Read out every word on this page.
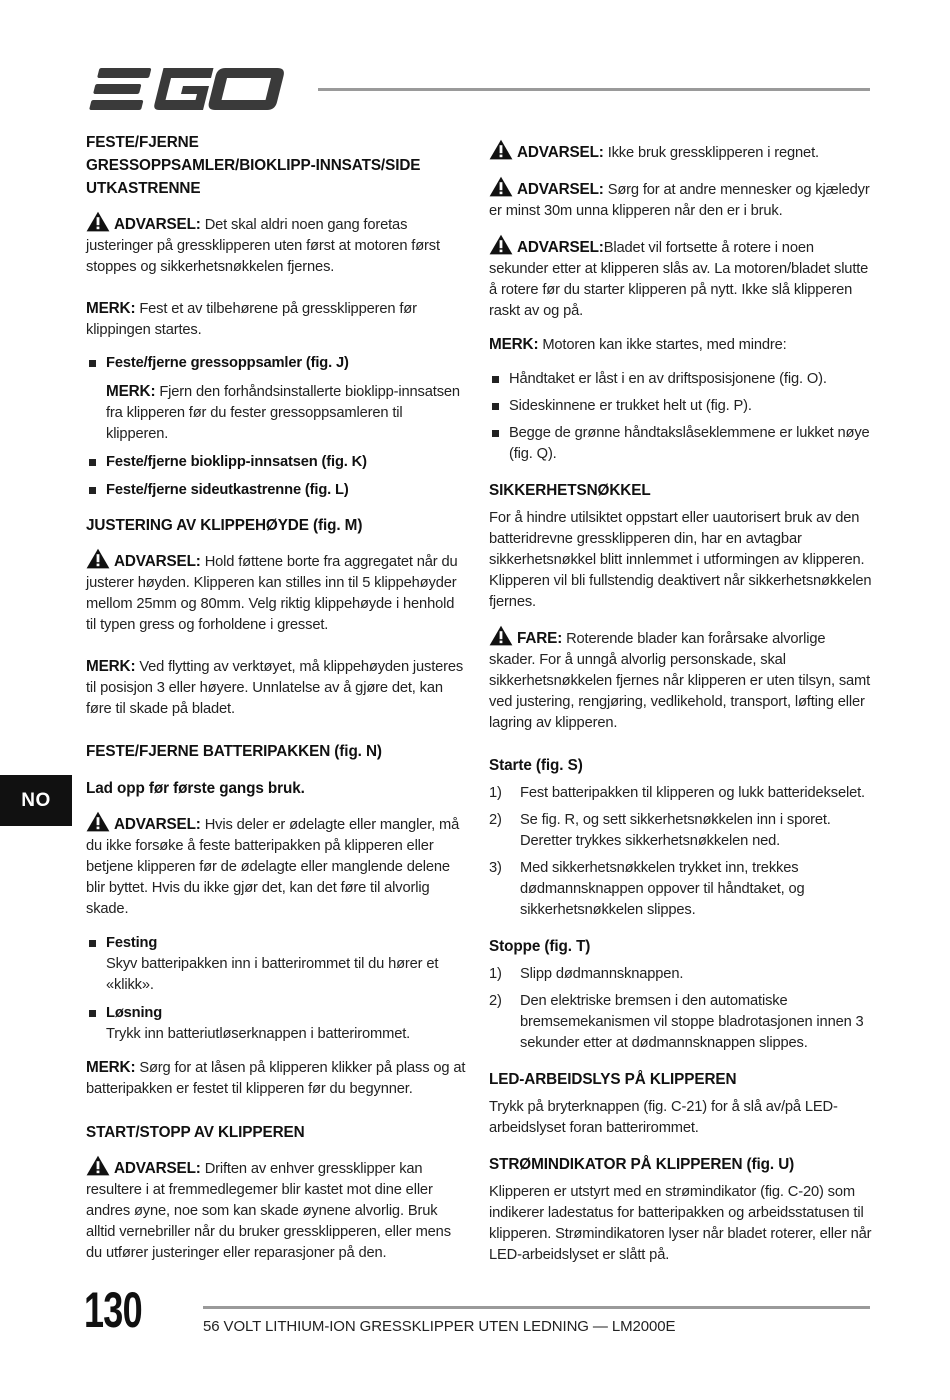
FESTE/FJERNE GRESSOPPSAMLER/BIOKLIPP-INNSATS/SIDE UTKASTRENNE

ADVARSEL: Det skal aldri noen gang foretas justeringer på gressklipperen uten først at motoren først stoppes og sikkerhetsnøkkelen fjernes.

MERK: Fest et av tilbehørene på gressklipperen før klippingen startes.

Feste/fjerne gressoppsamler (fig. J)
MERK: Fjern den forhåndsinstallerte bioklipp-innsatsen fra klipperen før du fester gressoppsamleren til klipperen.
Feste/fjerne bioklipp-innsatsen (fig. K)
Feste/fjerne sideutkastrenne (fig. L)

JUSTERING AV KLIPPEHØYDE (fig. M)

ADVARSEL: Hold føttene borte fra aggregatet når du justerer høyden. Klipperen kan stilles inn til 5 klippehøyder mellom 25mm og 80mm. Velg riktig klippehøyde i henhold til typen gress og forholdene i gresset.

MERK: Ved flytting av verktøyet, må klippehøyden justeres til posisjon 3 eller høyere. Unnlatelse av å gjøre det, kan føre til skade på bladet.

FESTE/FJERNE BATTERIPAKKEN (fig. N)

Lad opp før første gangs bruk.

ADVARSEL: Hvis deler er ødelagte eller mangler, må du ikke forsøke å feste batteripakken på klipperen eller betjene klipperen før de ødelagte eller manglende delene blir byttet. Hvis du ikke gjør det, kan det føre til alvorlig skade.

Festing
Skyv batteripakken inn i batterirommet til du hører et «klikk».
Løsning
Trykk inn batteriutløserknappen i batterirommet.

MERK: Sørg for at låsen på klipperen klikker på plass og at batteripakken er festet til klipperen før du begynner.

START/STOPP AV KLIPPEREN

ADVARSEL: Driften av enhver gressklipper kan resultere i at fremmedlegemer blir kastet mot dine eller andres øyne, noe som kan skade øynene alvorlig. Bruk alltid vernebriller når du bruker gressklipperen, eller mens du utfører justeringer eller reparasjoner på den.

ADVARSEL: Ikke bruk gressklipperen i regnet.

ADVARSEL: Sørg for at andre mennesker og kjæledyr er minst 30m unna klipperen når den er i bruk.

ADVARSEL:Bladet vil fortsette å rotere i noen sekunder etter at klipperen slås av. La motoren/bladet slutte å rotere før du starter klipperen på nytt. Ikke slå klipperen raskt av og på.

MERK: Motoren kan ikke startes, med mindre:

Håndtaket er låst i en av driftsposisjonene (fig. O).
Sideskinnene er trukket helt ut (fig. P).
Begge de grønne håndtakslåseklemmene er lukket nøye (fig. Q).

SIKKERHETSNØKKEL

For å hindre utilsiktet oppstart eller uautorisert bruk av den batteridrevne gressklipperen din, har en avtagbar sikkerhetsnøkkel blitt innlemmet i utformingen av klipperen. Klipperen vil bli fullstendig deaktivert når sikkerhetsnøkkelen fjernes.

FARE: Roterende blader kan forårsake alvorlige skader. For å unngå alvorlig personskade, skal sikkerhetsnøkkelen fjernes når klipperen er uten tilsyn, samt ved justering, rengjøring, vedlikehold, transport, løfting eller lagring av klipperen.

Starte (fig. S)

1) Fest batteripakken til klipperen og lukk batteridekselet.
2) Se fig. R, og sett sikkerhetsnøkkelen inn i sporet. Deretter trykkes sikkerhetsnøkkelen ned.
3) Med sikkerhetsnøkkelen trykket inn, trekkes dødmannsknappen oppover til håndtaket, og sikkerhetsnøkkelen slippes.

Stoppe (fig. T)

1) Slipp dødmannsknappen.
2) Den elektriske bremsen i den automatiske bremsemekanismen vil stoppe bladrotasjonen innen 3 sekunder etter at dødmannsknappen slippes.

LED-ARBEIDSLYS PÅ KLIPPEREN

Trykk på bryterknappen (fig. C-21) for å slå av/på LED-arbeidslyset foran batterirommet.

STRØMINDIKATOR PÅ KLIPPEREN (fig. U)

Klipperen er utstyrt med en strømindikator (fig. C-20) som indikerer ladestatus for batteripakken og arbeidsstatusen til klipperen. Strømindikatoren lyser når bladet roterer, eller når LED-arbeidslyset er slått på.

NO
130	56 VOLT LITHIUM-ION GRESSKLIPPER UTEN LEDNING — LM2000E
